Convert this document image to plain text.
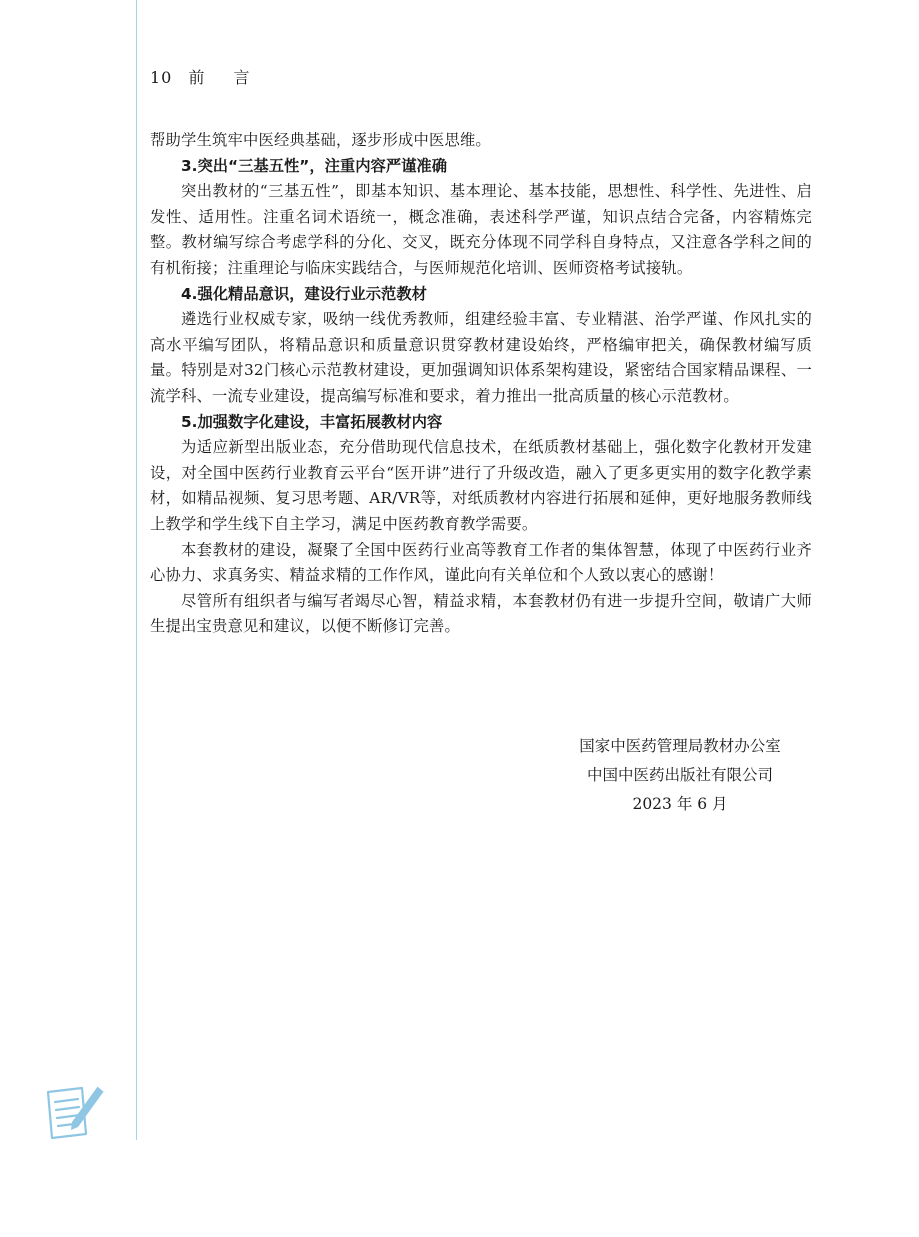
10 前 言

帮助学生筑牢中医经典基础，逐步形成中医思维。

3.突出“三基五性”，注重内容严谨准确

突出教材的“三基五性”，即基本知识、基本理论、基本技能，思想性、科学性、先进性、启发性、适用性。注重名词术语统一，概念准确，表述科学严谨，知识点结合完备，内容精炼完整。教材编写综合考虑学科的分化、交叉，既充分体现不同学科自身特点，又注意各学科之间的有机衔接；注重理论与临床实践结合，与医师规范化培训、医师资格考试接轨。

4.强化精品意识，建设行业示范教材

遴选行业权威专家，吸纳一线优秀教师，组建经验丰富、专业精湛、治学严谨、作风扎实的高水平编写团队，将精品意识和质量意识贯穿教材建设始终，严格编审把关，确保教材编写质量。特别是对32门核心示范教材建设，更加强调知识体系架构建设，紧密结合国家精品课程、一流学科、一流专业建设，提高编写标准和要求，着力推出一批高质量的核心示范教材。

5.加强数字化建设，丰富拓展教材内容

为适应新型出版业态，充分借助现代信息技术，在纸质教材基础上，强化数字化教材开发建设，对全国中医药行业教育云平台“医开讲”进行了升级改造，融入了更多更实用的数字化教学素材，如精品视频、复习思考题、AR/VR等，对纸质教材内容进行拓展和延伸，更好地服务教师线上教学和学生线下自主学习，满足中医药教育教学需要。

本套教材的建设，凝聚了全国中医药行业高等教育工作者的集体智慧，体现了中医药行业齐心协力、求真务实、精益求精的工作作风，谨此向有关单位和个人致以衷心的感谢！

尽管所有组织者与编写者竭尽心智，精益求精，本套教材仍有进一步提升空间，敬请广大师生提出宝贵意见和建议，以便不断修订完善。

国家中医药管理局教材办公室
中国中医药出版社有限公司
2023 年 6 月
